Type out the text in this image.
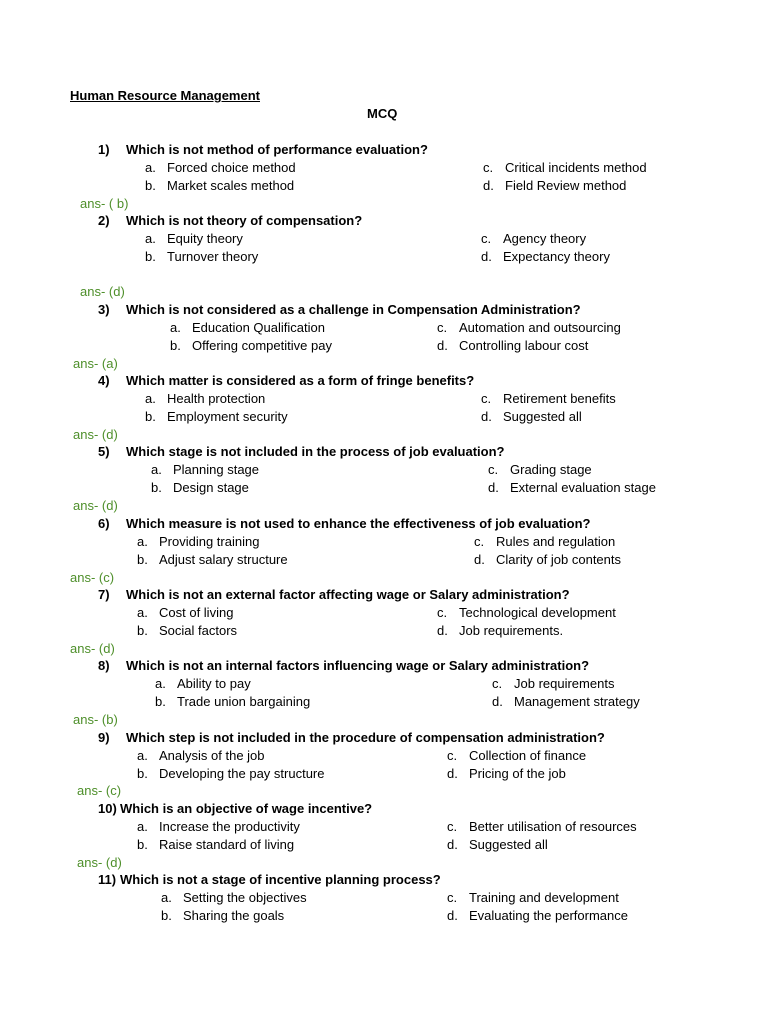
Human Resource Management
MCQ
1) Which is not method of performance evaluation?
a. Forced choice method
b. Market scales method
c. Critical incidents method
d. Field Review method
ans- ( b)
2) Which is not theory of compensation?
a. Equity theory
b. Turnover theory
c. Agency theory
d. Expectancy theory
ans- (d)
3) Which is not considered as a challenge in Compensation Administration?
a. Education Qualification
b. Offering competitive pay
c. Automation and outsourcing
d. Controlling labour cost
ans- (a)
4) Which matter is considered as a form of fringe benefits?
a. Health protection
b. Employment security
c. Retirement benefits
d. Suggested all
ans- (d)
5) Which stage is not included in the process of job evaluation?
a. Planning stage
b. Design stage
c. Grading stage
d. External evaluation stage
ans- (d)
6) Which measure is not used to enhance the effectiveness of job evaluation?
a. Providing training
b. Adjust salary structure
c. Rules and regulation
d. Clarity of job contents
ans- (c)
7) Which is not an external factor affecting wage or Salary administration?
a. Cost of living
b. Social factors
c. Technological development
d. Job requirements.
ans- (d)
8) Which is not an internal factors influencing wage or Salary administration?
a. Ability to pay
b. Trade union bargaining
c. Job requirements
d. Management strategy
ans- (b)
9) Which step is not included in the procedure of compensation administration?
a. Analysis of the job
b. Developing the pay structure
c. Collection of finance
d. Pricing of the job
ans- (c)
10) Which is an objective of wage incentive?
a. Increase the productivity
b. Raise standard of living
c. Better utilisation of resources
d. Suggested all
ans- (d)
11) Which is not a stage of incentive planning process?
a. Setting the objectives
b. Sharing the goals
c. Training and development
d. Evaluating the performance
